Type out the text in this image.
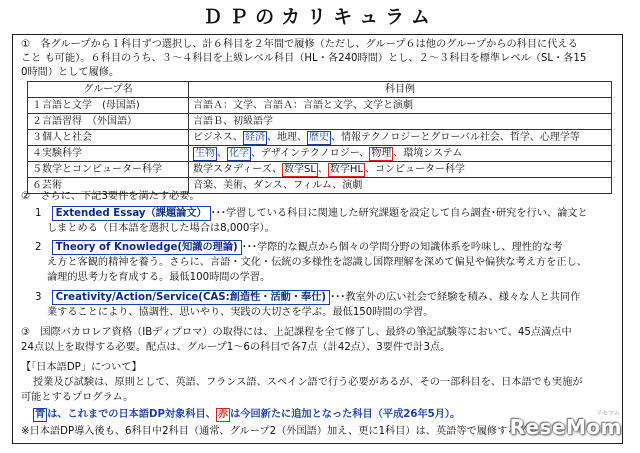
ＤＰのカリキュラム
①　各グループから１科目ずつ選択し、計６科目を２年間で履修（ただし、グループ６は他のグループからの科目に代える
こと も可能）。６科目のうち、３～４科目を上級レベル科目（HL・各240時間）とし、２～３科目を標準レベル（SL・各15
0時間）として履修。
グループ名	科目例
１言語と文学　(母国語)	言語Ａ：文学、言語Ａ：言語と文学、文学と演劇
２言語習得　（外国語）	言語Ｂ、初級語学
３個人と社会	ビジネス、 経済 、地理、 歴史 、情報テクノロジーとグローバル社会、哲学、心理学等
４実験科学	生物 、 化学 、デザインテクノロジー、 物理 、環境システム
５数学とコンピューター科学	数学スタディーズ、 数学SL 、 数学HL 、コンピューター科学
６芸術	音楽、美術、ダンス、フィルム、演劇
②　さらに、下記3要件を満たす必要。
1　 Extended Essay（課題論文） ･･･学習している科目に関連した研究課題を設定して自ら調査･研究を行い、論文と
しまとめる（日本語を選択した場合は8,000字）。
2　 Theory of Knowledge(知識の理論) ･･･学際的な観点から個々の学問分野の知識体系を吟味し、理性的な考
え方と客観的精神を養う。さらに、言語・文化・伝統の多様性を認識し国際理解を深めて偏見や偏狭な考え方を正し、
論理的思考力を育成する。最低100時間の学習。
3　 Creativity/Action/Service(CAS:創造性・活動・奉仕) ･･･教室外の広い社会で経験を積み、様々な人と共同作
業することにより、協調性、思いやり、実践の大切さを学ぶ。最低150時間の学習。
③　国際バカロレア資格（IBディプロマ）の取得には、上記課程を全て修了し、最終の筆記試験等において、45点満点中
24点以上を取得する必要。配点は、グループ1～6の科目で各7点（計42点）、3要件で計3点。
【「日本語DP」について】
授業及び試験は、原則として、英語、フランス語、スペイン語で行う必要があるが、その一部科目を、日本語でも実施が
可能とするプログラム。
青 は、これまでの日本語DP対象科目、 赤 は今回新たに追加となった科目（平成26年5月）。
※日本語DP導入後も、6科目中2科目（通常、グループ2（外国語）加え、更に1科目）は、英語等で履修する必要。
リセマム
ReseMom
